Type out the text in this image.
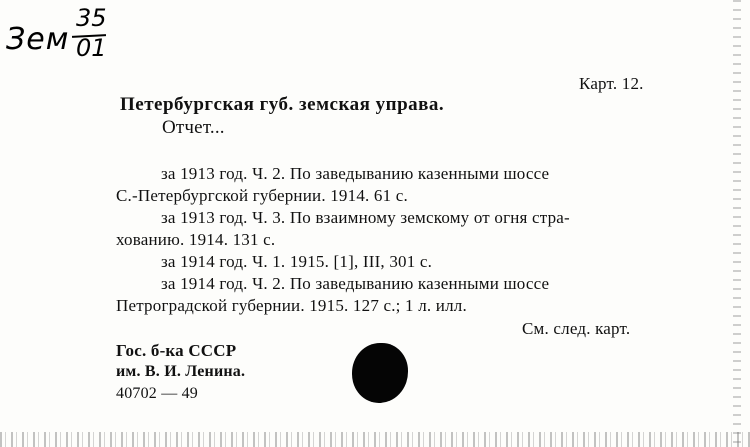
Зем
35
01
Карт. 12.
Петербургская губ. земская управа.
Отчет...
за 1913 год. Ч. 2. По заведыванию казенными шоссе
С.-Петербургской губернии. 1914. 61 с.
за 1913 год. Ч. 3. По взаимному земскому от огня стра-
хованию. 1914. 131 с.
за 1914 год. Ч. 1. 1915. [1], III, 301 с.
за 1914 год. Ч. 2. По заведыванию казенными шоссе
Петроградской губернии. 1915. 127 с.; 1 л. илл.
См. след. карт.
Гос. б-ка СССР
им. В. И. Ленина.
40702 — 49
